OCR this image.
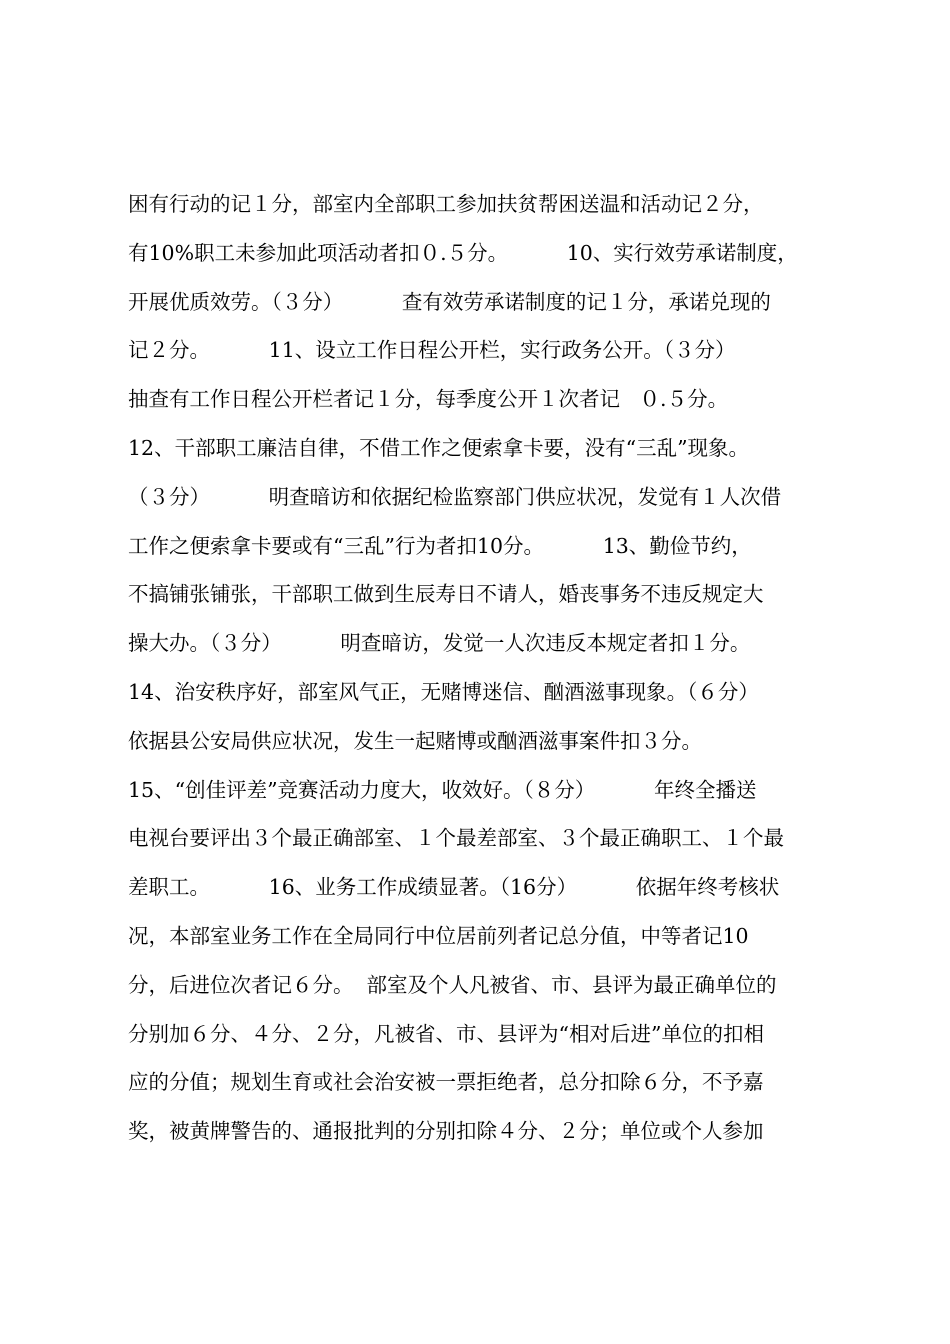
困有行动的记１分，部室内全部职工参加扶贫帮困送温和活动记２分，
有10%职工未参加此项活动者扣０.５分。         10、实行效劳承诺制度，
开展优质效劳。（３分）         查有效劳承诺制度的记１分，承诺兑现的
记２分。         11、设立工作日程公开栏，实行政务公开。（３分）
抽查有工作日程公开栏者记１分，每季度公开１次者记   ０.５分。
12、干部职工廉洁自律，不借工作之便索拿卡要，没有“三乱”现象。
（３分）         明查暗访和依据纪检监察部门供应状况，发觉有１人次借
工作之便索拿卡要或有“三乱”行为者扣10分。         13、勤俭节约，
不搞铺张铺张，干部职工做到生辰寿日不请人，婚丧事务不违反规定大
操大办。（３分）         明查暗访，发觉一人次违反本规定者扣１分。
14、治安秩序好，部室风气正，无赌博迷信、酗酒滋事现象。（６分）
依据县公安局供应状况，发生一起赌博或酗酒滋事案件扣３分。
15、“创佳评差”竞赛活动力度大，收效好。（８分）         年终全播送
电视台要评出３个最正确部室、１个最差部室、３个最正确职工、１个最
差职工。         16、业务工作成绩显著。（16分）         依据年终考核状
况，本部室业务工作在全局同行中位居前列者记总分值，中等者记10
分，后进位次者记６分。  部室及个人凡被省、市、县评为最正确单位的
分别加６分、４分、２分，凡被省、市、县评为“相对后进”单位的扣相
应的分值；规划生育或社会治安被一票拒绝者，总分扣除６分，不予嘉
奖，被黄牌警告的、通报批判的分别扣除４分、２分；单位或个人参加
